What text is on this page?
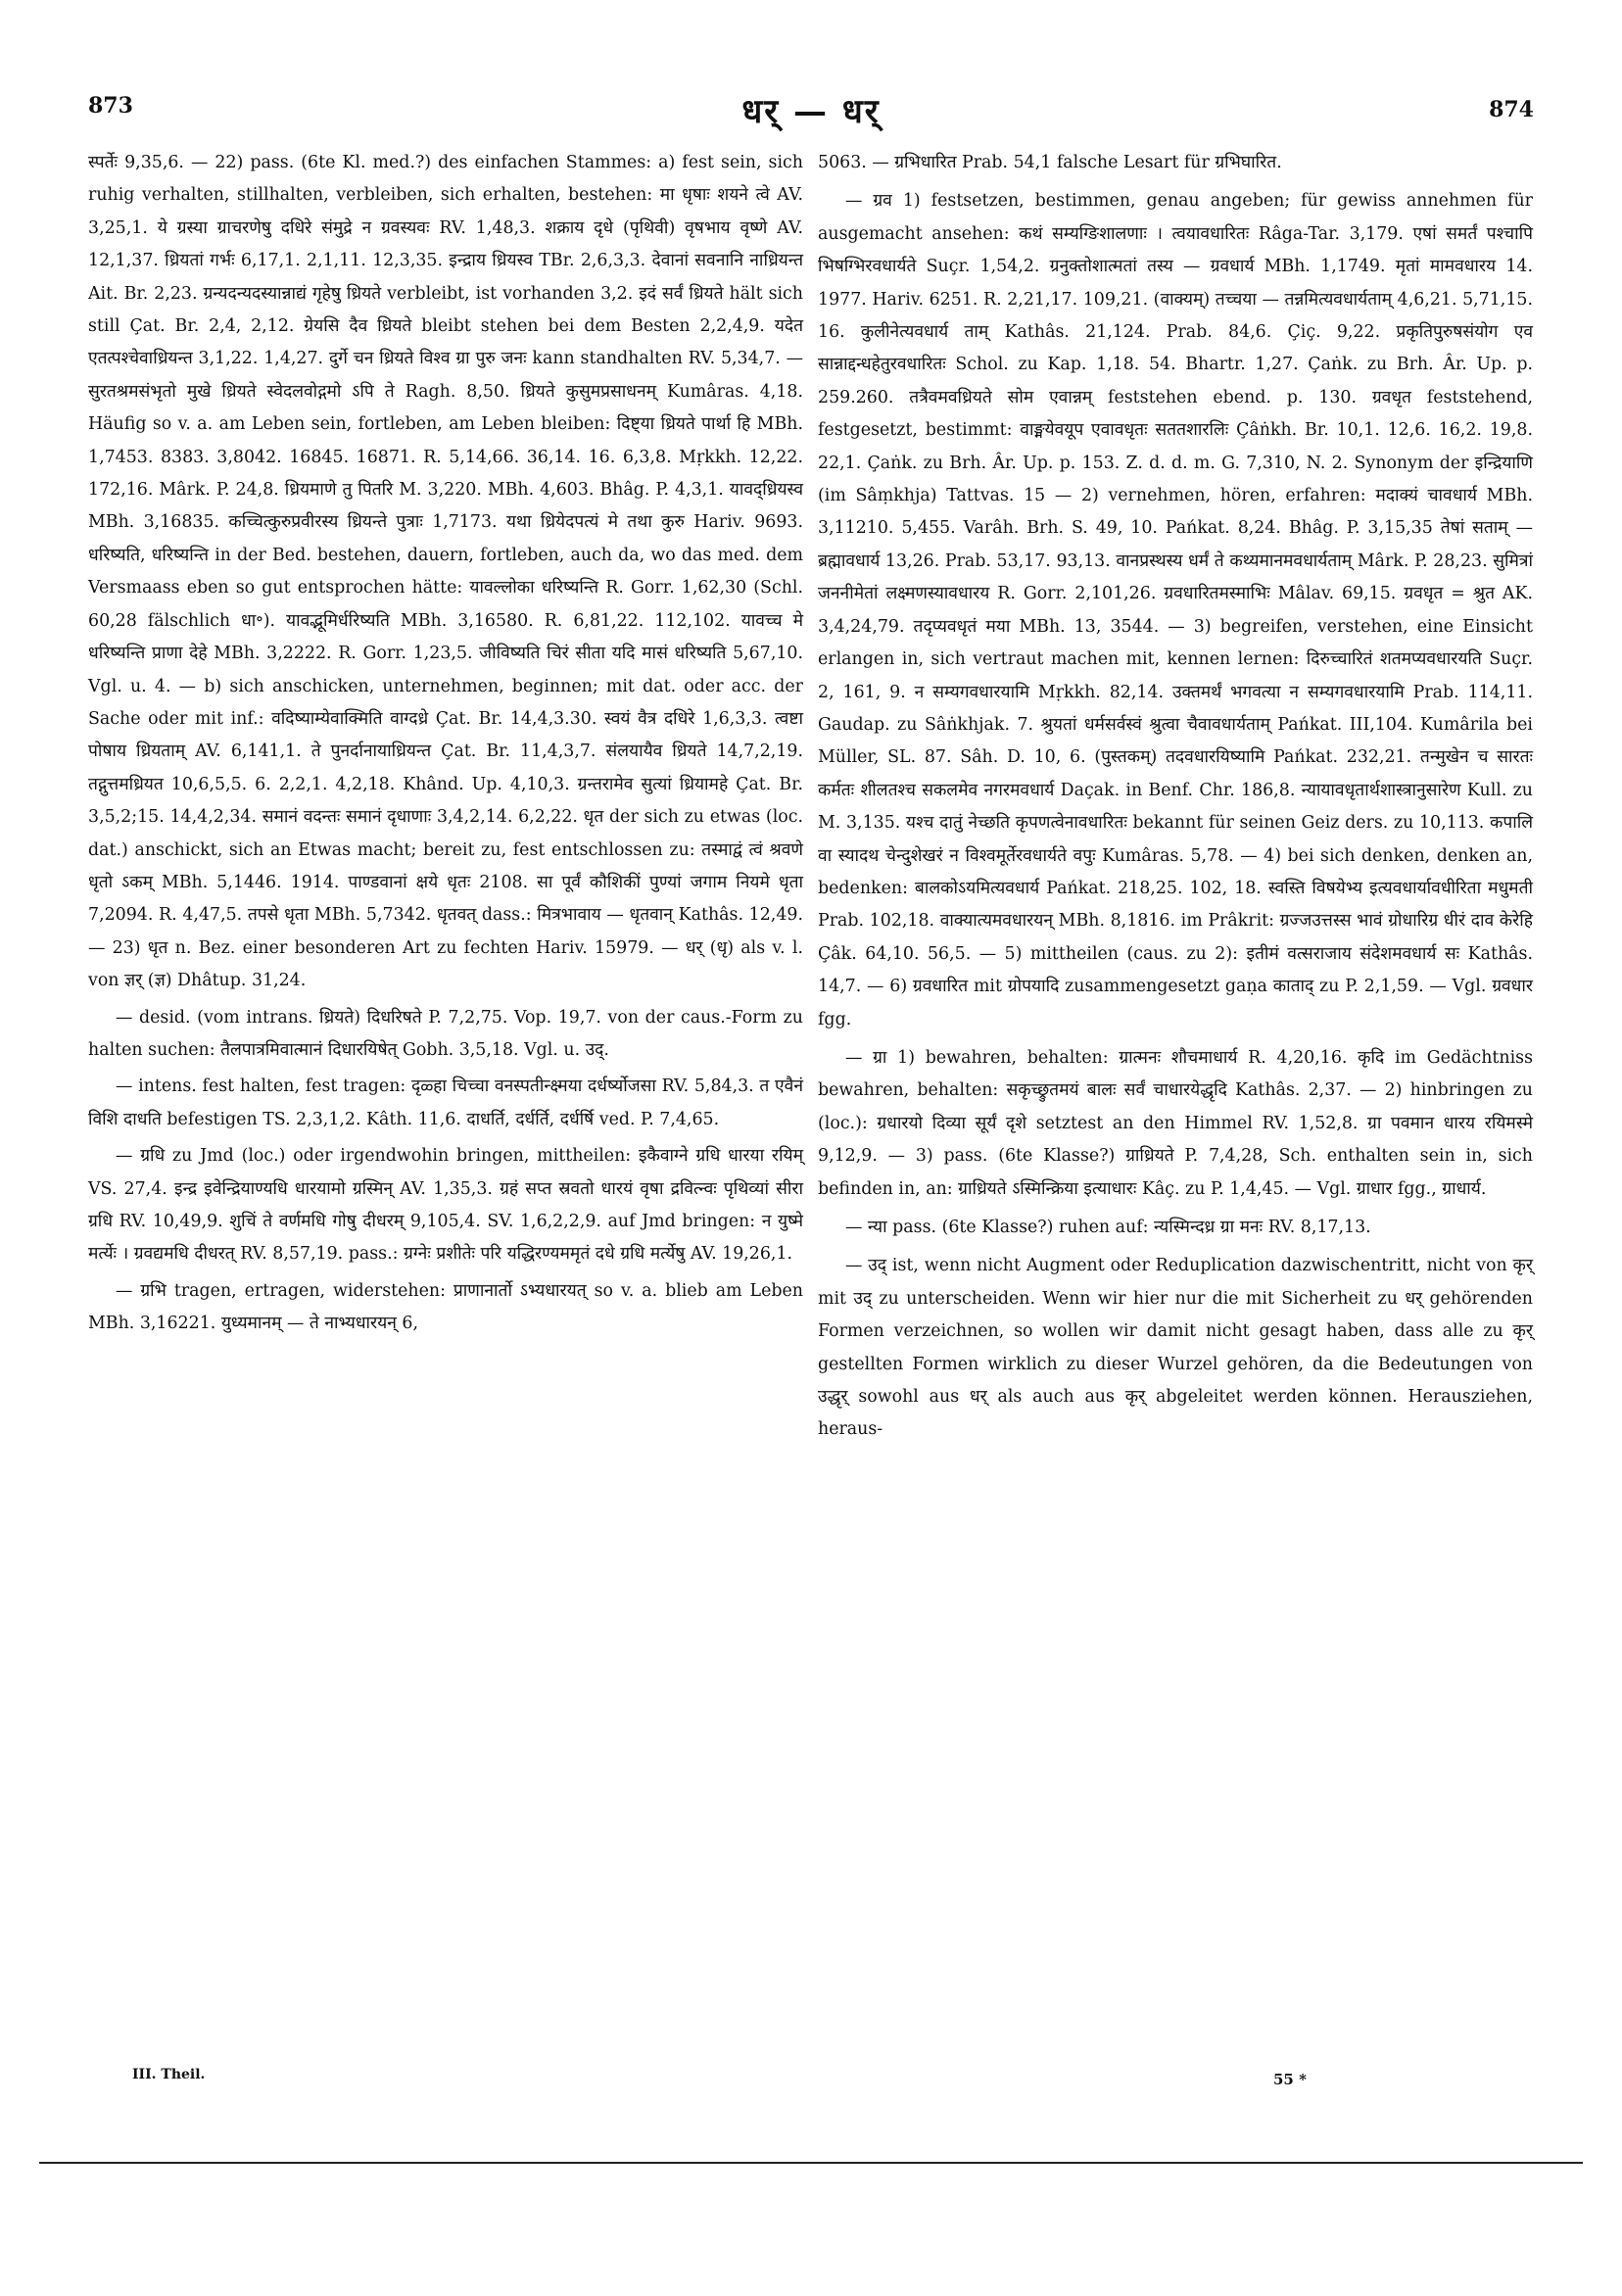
873	धर् — धर्	874

स्पर्तेः 9,35,6. — 22) pass. (6te Kl. med.?) des einfachen Stammes: a) fest sein, sich ruhig verhalten, stillhalten, verbleiben, sich erhalten, bestehen: मा धृषाः शयने त्वे AV. 3,25,1. ये ग्रस्या ग्राचरणेषु दधिरे संमुद्रे न ग्रवस्यवः RV. 1,48,3. शक्राय दृधे (पृथिवी) वृषभाय वृष्णे AV. 12,1,37. ध्रियतां गर्भः 6,17,1. 2,1,11. 12,3,35. इन्द्राय ध्रियस्व TBr. 2,6,3,3. देवानां सवनानि नाध्रियन्त Ait. Br. 2,23. ग्रन्यदन्यदस्यान्नाद्यं गृहेषु ध्रियते verbleibt, ist vorhanden 3,2. इदं सर्वं ध्रियते hält sich still Çat. Br. 2,4, 2,12. ग्रेयसि दैव ध्रियते bleibt stehen bei dem Besten 2,2,4,9. यदेत एतत्पश्चेवाध्रियन्त 3,1,22. 1,4,27. दुर्गे चन ध्रियते विश्व ग्रा पुरु जनः kann standhalten RV. 5,34,7. — सुरतश्रमसंभृतो मुखे ध्रियते स्वेदलवोद्गमो ऽपि ते Ragh. 8,50. ध्रियते कुसुमप्रसाधनम् Kumâras. 4,18. Häufig so v. a. am Leben sein, fortleben, am Leben bleiben: दिष्ट्या ध्रियते पार्था हि MBh. 1,7453. 8383. 3,8042. 16845. 16871. R. 5,14,66. 36,14. 16. 6,3,8. Mṛkkh. 12,22. 172,16. Mârk. P. 24,8. ध्रियमाणे तु पितरि M. 3,220. MBh. 4,603. Bhâg. P. 4,3,1. यावद्ध्रियस्व MBh. 3,16835. कच्चित्कुरुप्रवीरस्य ध्रियन्ते पुत्राः 1,7173. यथा ध्रियेदपत्यं मे तथा कुरु Hariv. 9693. धरिष्यति, धरिष्यन्ति in der Bed. bestehen, dauern, fortleben, auch da, wo das med. dem Versmaass eben so gut entsprochen hätte: यावल्लोका धरिष्यन्ति R. Gorr. 1,62,30 (Schl. 60,28 fälschlich धा॰). यावद्भूमिर्धरिष्यति MBh. 3,16580. R. 6,81,22. 112,102. यावच्च मे धरिष्यन्ति प्राणा देहे MBh. 3,2222. R. Gorr. 1,23,5. जीविष्यति चिरं सीता यदि मासं धरिष्यति 5,67,10. Vgl. u. 4. — b) sich anschicken, unternehmen, beginnen; mit dat. oder acc. der Sache oder mit inf.: वदिष्याम्येवाक्मिति वाग्दध्रे Çat. Br. 14,4,3.30. स्वयं वैत्र दधिरे 1,6,3,3. त्वष्टा पोषाय ध्रियताम् AV. 6,141,1. ते पुनर्दानायाध्रियन्त Çat. Br. 11,4,3,7. संलयायैव ध्रियते 14,7,2,19. तद्गुत्तमध्रियत 10,6,5,5. 6. 2,2,1. 4,2,18. Khând. Up. 4,10,3. ग्रन्तरामेव सुत्यां ध्रियामहे Çat. Br. 3,5,2;15. 14,4,2,34. समानं वदन्तः समानं दृधाणाः 3,4,2,14. 6,2,22. धृत der sich zu etwas (loc. dat.) anschickt, sich an Etwas macht; bereit zu, fest entschlossen zu: तस्माद्वं त्वं श्रवणे धृतो ऽकम् MBh. 5,1446. 1914. पाण्डवानां क्षये धृतः 2108. सा पूर्वं कौशिकीं पुण्यां जगाम नियमे धृता 7,2094. R. 4,47,5. तपसे धृता MBh. 5,7342. धृतवत् dass.: मित्रभावाय — धृतवान् Kathâs. 12,49. — 23) धृत n. Bez. einer besonderen Art zu fechten Hariv. 15979. — धर् (धृ) als v. l. von ज्ञर् (ज्ञ) Dhâtup. 31,24.

— desid. (vom intrans. ध्रियते) दिधरिषते P. 7,2,75. Vop. 19,7. von der caus.-Form zu halten suchen: तैलपात्रमिवात्मानं दिधारयिषेत् Gobh. 3,5,18. Vgl. u. उद्.

— intens. fest halten, fest tragen: दृळ्हा चिच्चा वनस्पतीन्क्ष्मया दर्धर्ष्योजसा RV. 5,84,3. त एवैनं विशि दाधति befestigen TS. 2,3,1,2. Kâth. 11,6. दाधर्ति, दर्धर्ति, दर्धर्षि ved. P. 7,4,65.

— ग्रधि zu Jmd (loc.) oder irgendwohin bringen, mittheilen: इकैवाग्ने ग्रधि धारया रयिम् VS. 27,4. इन्द्र इवेन्द्रियाण्यधि धारयामो ग्रस्मिन् AV. 1,35,3. ग्रहं सप्त स्रवतो धारयं वृषा द्रवित्न्वः पृथिव्यां सीरा ग्रधि RV. 10,49,9. शुचिं ते वर्णमधि गोषु दीधरम् 9,105,4. SV. 1,6,2,2,9. auf Jmd bringen: न युष्मे मर्त्येः । ग्रवद्यमधि दीधरत् RV. 8,57,19. pass.: ग्रग्नेः प्रशीतेः परि यद्धिरण्यममृतं दधे ग्रधि मर्त्येषु AV. 19,26,1.

— ग्रभि tragen, ertragen, widerstehen: प्राणानार्तो ऽभ्यधारयत् so v. a. blieb am Leben MBh. 3,16221. युध्यमानम् — ते नाभ्यधारयन् 6,

5063. — ग्रभिधारित Prab. 54,1 falsche Lesart für ग्रभिघारित.

— ग्रव 1) festsetzen, bestimmen, genau angeben; für gewiss annehmen für ausgemacht ansehen: कथं सम्यग्ङिशालणाः । त्वयावधारितः Râga-Tar. 3,179. एषां समर्तं पश्चापि भिषग्भिरवधार्यते Suçr. 1,54,2. ग्रनुक्तोशात्मतां तस्य — ग्रवधार्य MBh. 1,1749. मृतां मामवधारय 14. 1977. Hariv. 6251. R. 2,21,17. 109,21. (वाक्यम्) तच्चया — तन्नमित्यवधार्यताम् 4,6,21. 5,71,15. 16. कुलीनेत्यवधार्य ताम् Kathâs. 21,124. Prab. 84,6. Çiç. 9,22. प्रकृतिपुरुषसंयोग एव सान्नाद्दन्धहेतुरवधारितः Schol. zu Kap. 1,18. 54. Bhartr. 1,27. Çaṅk. zu Brh. Âr. Up. p. 259.260. तत्रैवमवध्रियते सोम एवान्नम् feststehen ebend. p. 130. ग्रवधृत feststehend, festgesetzt, bestimmt: वाङ्मयेवयूप एवावधृतः सततशारलिः Çâṅkh. Br. 10,1. 12,6. 16,2. 19,8. 22,1. Çaṅk. zu Brh. Âr. Up. p. 153. Z. d. d. m. G. 7,310, N. 2. Synonym der इन्द्रियाणि (im Sâṃkhja) Tattvas. 15 — 2) vernehmen, hören, erfahren: मदाक्यं चावधार्य MBh. 3,11210. 5,455. Varâh. Brh. S. 49, 10. Pańkat. 8,24. Bhâg. P. 3,15,35 तेषां सताम् — ब्रह्मावधार्य 13,26. Prab. 53,17. 93,13. वानप्रस्थस्य धर्मं ते कथ्यमानमवधार्यताम् Mârk. P. 28,23. सुमित्रां जननीमेतां लक्ष्मणस्यावधारय R. Gorr. 2,101,26. ग्रवधारितमस्माभिः Mâlav. 69,15. ग्रवधृत = श्रुत AK. 3,4,24,79. तदृप्यवधृतं मया MBh. 13, 3544. — 3) begreifen, verstehen, eine Einsicht erlangen in, sich vertraut machen mit, kennen lernen: दिरुच्चारितं शतमप्यवधारयति Suçr. 2, 161, 9. न सम्यगवधारयामि Mṛkkh. 82,14. उक्तमर्थं भगवत्या न सम्यगवधारयामि Prab. 114,11. Gaudap. zu Sâṅkhjak. 7. श्रुयतां धर्मसर्वस्वं श्रुत्वा चैवावधार्यताम् Pańkat. III,104. Kumârila bei Müller, SL. 87. Sâh. D. 10, 6. (पुस्तकम्) तदवधारयिष्यामि Pańkat. 232,21. तन्मुखेन च सारतः कर्मतः शीलतश्च सकलमेव नगरमवधार्य Daçak. in Benf. Chr. 186,8. न्यायावधृतार्थशास्त्रानुसारेण Kull. zu M. 3,135. यश्च दातुं नेच्छति कृपणत्वेनावधारितः bekannt für seinen Geiz ders. zu 10,113. कपालि वा स्यादथ चेन्दुशेखरं न विश्वमूर्तेरवधार्यते वपुः Kumâras. 5,78. — 4) bei sich denken, denken an, bedenken: बालकोऽयमित्यवधार्य Pańkat. 218,25. 102, 18. स्वस्ति विषयेभ्य इत्यवधार्यावधीरिता मधुमती Prab. 102,18. वाक्यात्यमवधारयन् MBh. 8,1816. im Prâkrit: ग्रज्जउत्तस्स भावं ग्रोधारिग्र धीरं दाव केरेहि Çâk. 64,10. 56,5. — 5) mittheilen (caus. zu 2): इतीमं वत्सराजाय संदेशमवधार्य सः Kathâs. 14,7. — 6) ग्रवधारित mit ग्रोपयादि zusammengesetzt gaṇa काताद् zu P. 2,1,59. — Vgl. ग्रवधार fgg.

— ग्रा 1) bewahren, behalten: ग्रात्मनः शौचमाधार्य R. 4,20,16. कृदि im Gedächtniss bewahren, behalten: सकृच्छ्रुतमयं बालः सर्वं चाधारयेद्धृदि Kathâs. 2,37. — 2) hinbringen zu (loc.): ग्रधारयो दिव्या सूर्यं दृशे setztest an den Himmel RV. 1,52,8. ग्रा पवमान धारय रयिमस्मे 9,12,9. — 3) pass. (6te Klasse?) ग्राध्रियते P. 7,4,28, Sch. enthalten sein in, sich befinden in, an: ग्राध्रियते ऽस्मिन्क्रिया इत्याधारः Kâç. zu P. 1,4,45. — Vgl. ग्राधार fgg., ग्राधार्य.

— न्या pass. (6te Klasse?) ruhen auf: न्यस्मिन्दध्र ग्रा मनः RV. 8,17,13.

— उद् ist, wenn nicht Augment oder Reduplication dazwischentritt, nicht von कृर् mit उद् zu unterscheiden. Wenn wir hier nur die mit Sicherheit zu धर् gehörenden Formen verzeichnen, so wollen wir damit nicht gesagt haben, dass alle zu कृर् gestellten Formen wirklich zu dieser Wurzel gehören, da die Bedeutungen von उद्धृर् sowohl aus धर् als auch aus कृर् abgeleitet werden können. Herausziehen, heraus-

III. Theil.	55 *
